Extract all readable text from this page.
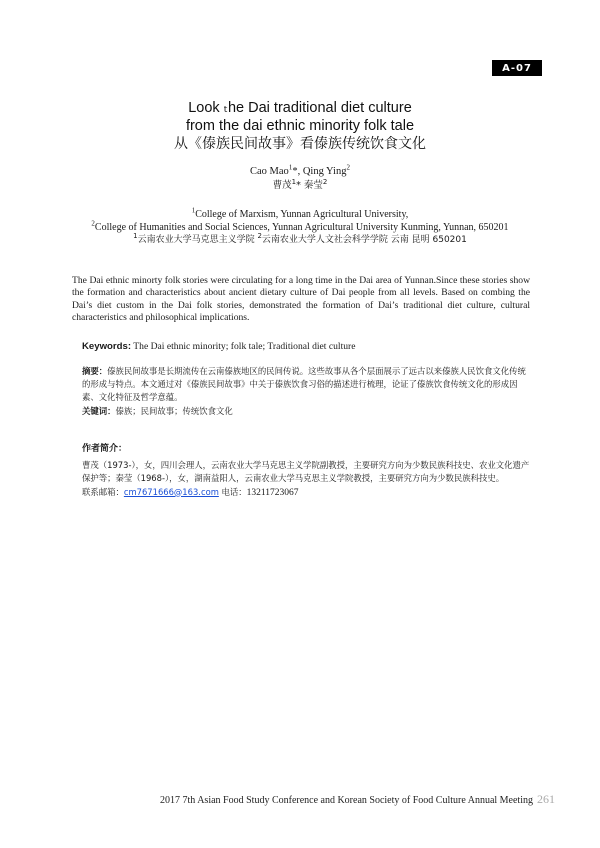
A-07
Look ₜhe Dai traditional diet culture
from the dai ethnic minority folk tale
从《傣族民间故事》看傣族传统饮食文化
Cao Mao$^1$*, Qing Ying$^2$
曹茂$^1$* 秦莹$^2$
$^1$College of Marxism, Yunnan Agricultural University,
$^2$College of Humanities and Social Sciences, Yunnan Agricultural University Kunming, Yunnan, 650201
$^1$云南农业大学马克思主义学院 $^2$云南农业大学人文社会科学学院 云南 昆明 650201
The Dai ethnic minorty folk stories were circulating for a long time in the Dai area of Yunnan.Since these stories show the formation and characteristics about ancient dietary culture of Dai people from all levels. Based on combing the Dai’s diet custom in the Dai folk stories, demonstrated the formation of Dai’s traditional diet culture, cultural characteristics and philosophical implications.
Keywords: The Dai ethnic minority; folk tale; Traditional diet culture
摘要：傣族民间故事是长期流传在云南傣族地区的民间传说。这些故事从各个层面展示了远古以来傣族人民饮食文化传统的形成与特点。本文通过对《傣族民间故事》中关于傣族饮食习俗的描述进行梳理，论证了傣族饮食传统文化的形成因素、文化特征及哲学意蕴。
关键词：傣族；民间故事；传统饮食文化
作者简介：

曹茂（1973-），女，四川会理人，云南农业大学马克思主义学院副教授，主要研究方向为少数民族科技史、农业文化遗产保护等；秦莹（1968-），女，湖南益阳人，云南农业大学马克思主义学院教授，主要研究方向为少数民族科技史。

联系邮箱：cm7671666@163.com 电话：13211723067

2017 7th Asian Food Study Conference and Korean Society of Food Culture Annual Meeting 261
